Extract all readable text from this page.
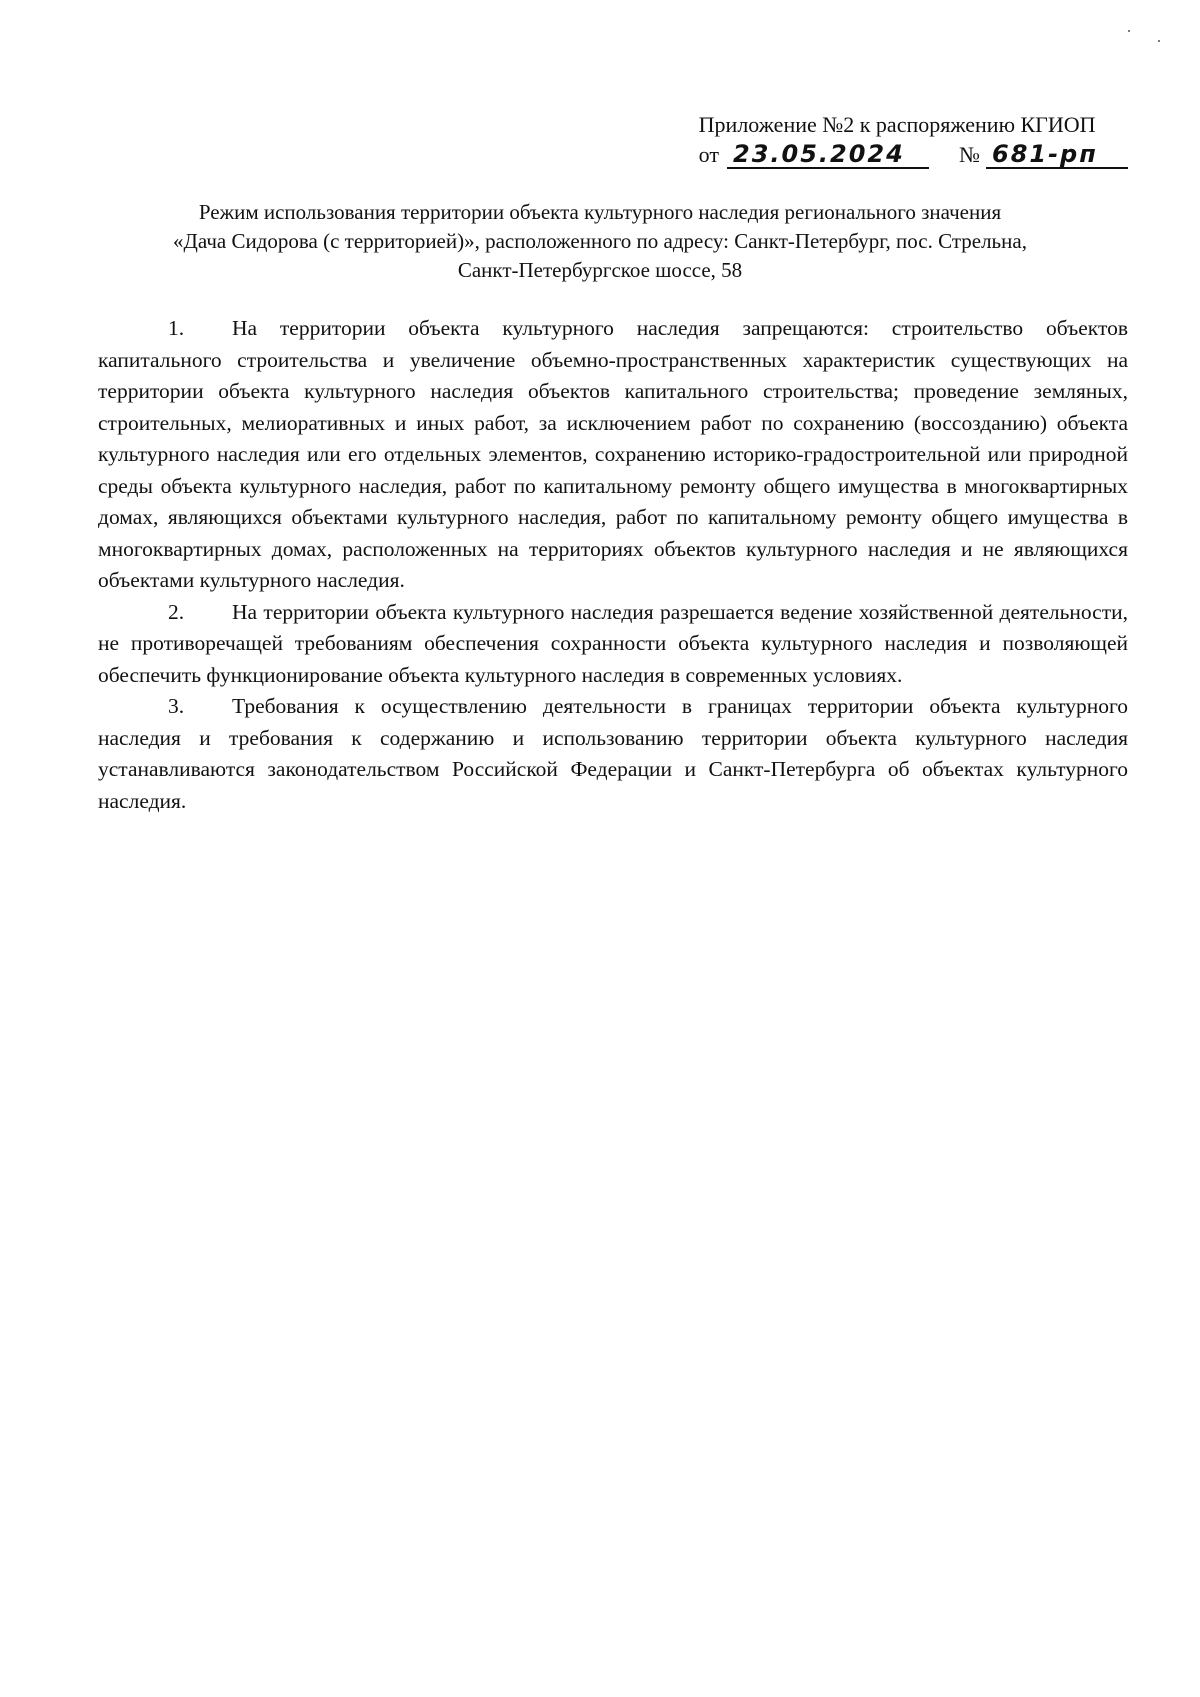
Приложение №2 к распоряжению КГИОП
от 23.05.2024 № 681-рп
Режим использования территории объекта культурного наследия регионального значения
«Дача Сидорова (с территорией)», расположенного по адресу: Санкт-Петербург, пос. Стрельна,
Санкт-Петербургское шоссе, 58

1. На территории объекта культурного наследия запрещаются: строительство объектов капитального строительства и увеличение объемно-пространственных характеристик существующих на территории объекта культурного наследия объектов капитального строительства; проведение земляных, строительных, мелиоративных и иных работ, за исключением работ по сохранению (воссозданию) объекта культурного наследия или его отдельных элементов, сохранению историко-градостроительной или природной среды объекта культурного наследия, работ по капитальному ремонту общего имущества в многоквартирных домах, являющихся объектами культурного наследия, работ по капитальному ремонту общего имущества в многоквартирных домах, расположенных на территориях объектов культурного наследия и не являющихся объектами культурного наследия.

2. На территории объекта культурного наследия разрешается ведение хозяйственной деятельности, не противоречащей требованиям обеспечения сохранности объекта культурного наследия и позволяющей обеспечить функционирование объекта культурного наследия в современных условиях.

3. Требования к осуществлению деятельности в границах территории объекта культурного наследия и требования к содержанию и использованию территории объекта культурного наследия устанавливаются законодательством Российской Федерации и Санкт-Петербурга об объектах культурного наследия.
